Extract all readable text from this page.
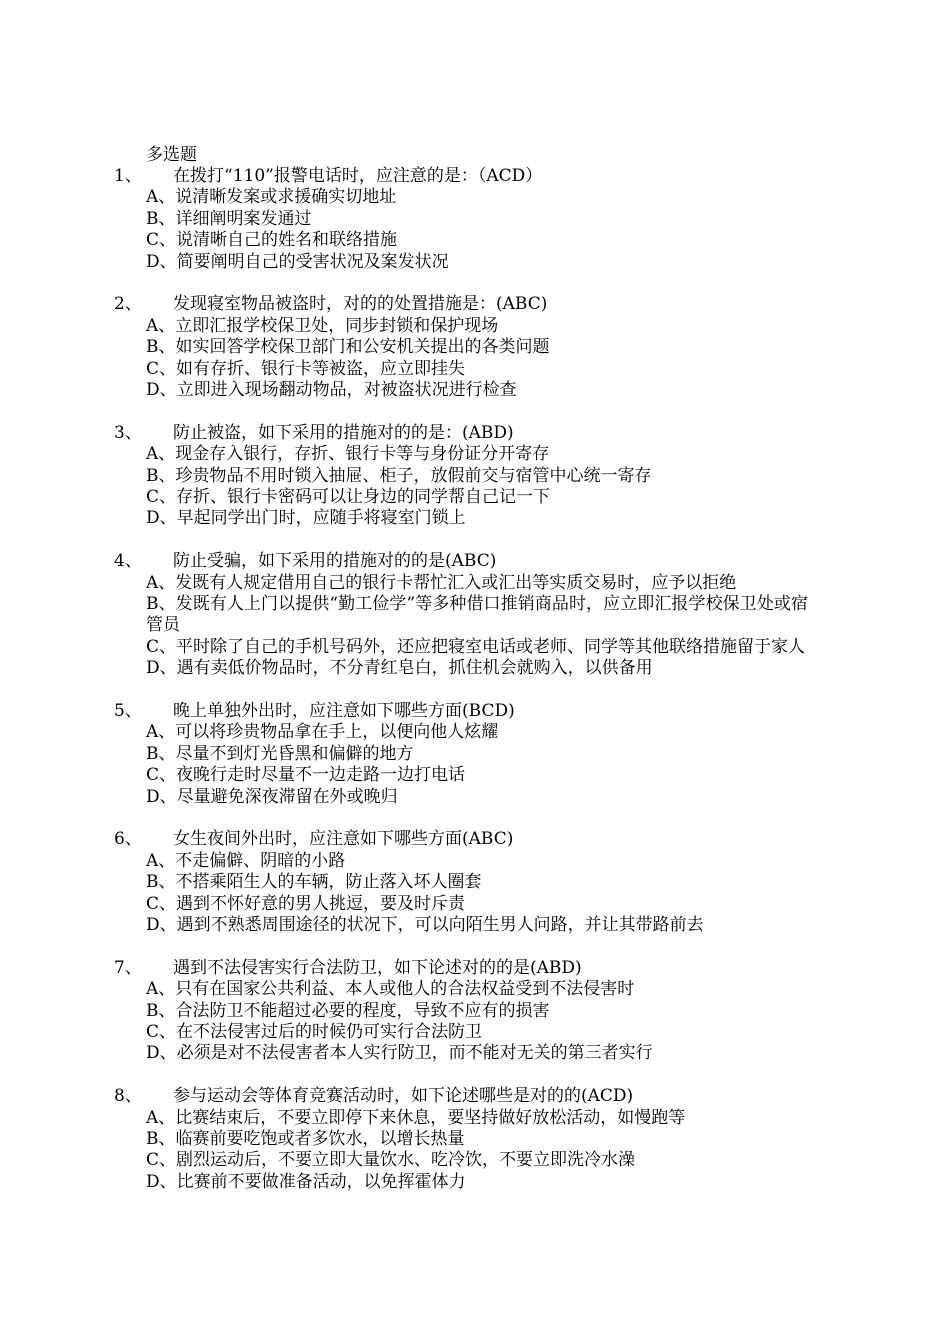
多选题
1、 在拨打“110”报警电话时，应注意的是：（ACD）
A、说清晰发案或求援确实切地址
B、详细阐明案发通过
C、说清晰自己的姓名和联络措施
D、简要阐明自己的受害状况及案发状况
2、 发现寝室物品被盗时，对的的处置措施是：(ABC)
A、立即汇报学校保卫处，同步封锁和保护现场
B、如实回答学校保卫部门和公安机关提出的各类问题
C、如有存折、银行卡等被盗，应立即挂失
D、立即进入现场翻动物品，对被盗状况进行检查
3、 防止被盗，如下采用的措施对的的是：(ABD)
A、现金存入银行，存折、银行卡等与身份证分开寄存
B、珍贵物品不用时锁入抽屉、柜子，放假前交与宿管中心统一寄存
C、存折、银行卡密码可以让身边的同学帮自己记一下
D、早起同学出门时，应随手将寝室门锁上
4、 防止受骗，如下采用的措施对的的是(ABC)
A、发既有人规定借用自己的银行卡帮忙汇入或汇出等实质交易时，应予以拒绝
B、发既有人上门以提供“勤工俭学”等多种借口推销商品时，应立即汇报学校保卫处或宿管员
C、平时除了自己的手机号码外，还应把寝室电话或老师、同学等其他联络措施留于家人
D、遇有卖低价物品时，不分青红皂白，抓住机会就购入，以供备用
5、 晚上单独外出时，应注意如下哪些方面(BCD)
A、可以将珍贵物品拿在手上，以便向他人炫耀
B、尽量不到灯光昏黑和偏僻的地方
C、夜晚行走时尽量不一边走路一边打电话
D、尽量避免深夜滞留在外或晚归
6、 女生夜间外出时，应注意如下哪些方面(ABC)
A、不走偏僻、阴暗的小路
B、不搭乘陌生人的车辆，防止落入坏人圈套
C、遇到不怀好意的男人挑逗，要及时斥责
D、遇到不熟悉周围途径的状况下，可以向陌生男人问路，并让其带路前去
7、 遇到不法侵害实行合法防卫，如下论述对的的是(ABD)
A、只有在国家公共利益、本人或他人的合法权益受到不法侵害时
B、合法防卫不能超过必要的程度，导致不应有的损害
C、在不法侵害过后的时候仍可实行合法防卫
D、必须是对不法侵害者本人实行防卫，而不能对无关的第三者实行
8、 参与运动会等体育竞赛活动时，如下论述哪些是对的的(ACD)
A、比赛结束后，不要立即停下来休息，要坚持做好放松活动，如慢跑等
B、临赛前要吃饱或者多饮水，以增长热量
C、剧烈运动后，不要立即大量饮水、吃冷饮，不要立即洗冷水澡
D、比赛前不要做准备活动，以免挥霍体力
